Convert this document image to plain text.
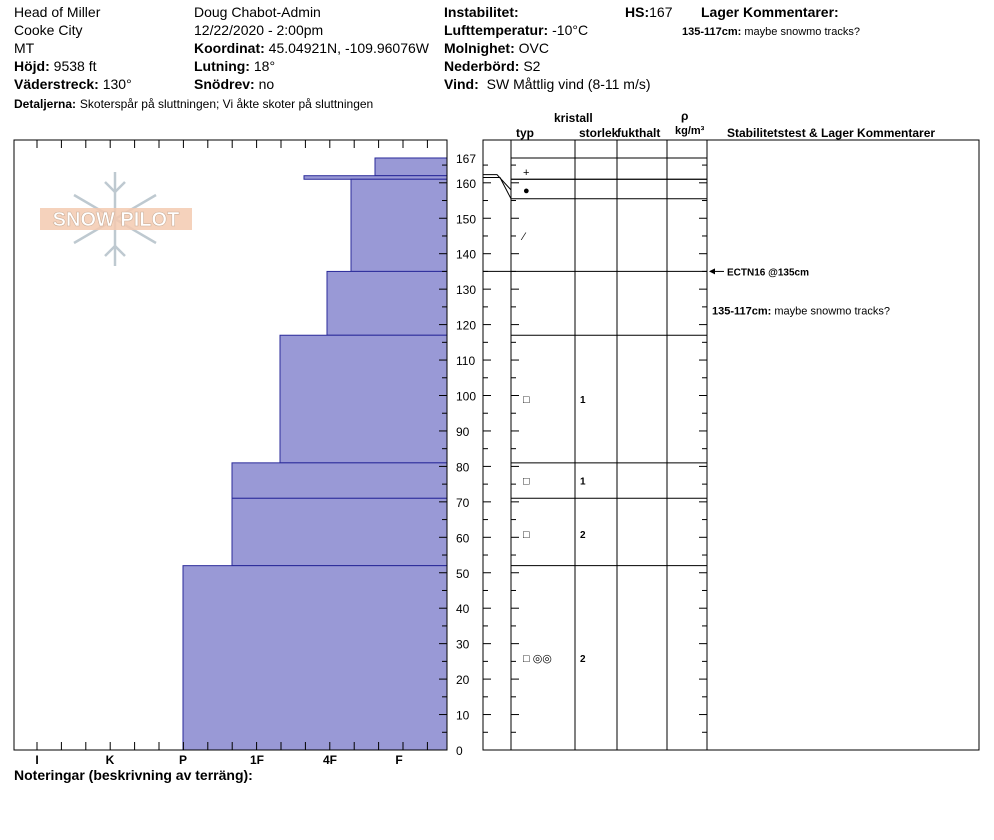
Head of Miller
Cooke City
MT
Höjd: 9538 ft
Väderstreck: 130°
Detaljerna: Skoterspår på sluttningen; Vi åkte skoter på sluttningen
Doug Chabot-Admin
12/22/2020 - 2:00pm
Koordinat: 45.04921N, -109.96076W
Lutning: 18°
Snödrev: no
Instabilitet:
Lufttemperatur: -10°C
Molnighet: OVC
Nederbörd: S2
Vind: SW Måttlig vind (8-11 m/s)
HS:167 Lager Kommentarer:
135-117cm: maybe snowmo tracks?
kristall
typ	storlek
fukthalt
ρ
kg/m³ Stabilitetstest & Lager Kommentarer
SNOW PILOT
0
10
20
30
40
50
60
70
80
90
100
110
120
130
140
150
160
167
I	K	P	1F	4F	F
+
●
⁄
□	1
□	1
□	2
□ ◎◎	2
ECTN16 @135cm
135-117cm: maybe snowmo tracks?
Noteringar (beskrivning av terräng):
